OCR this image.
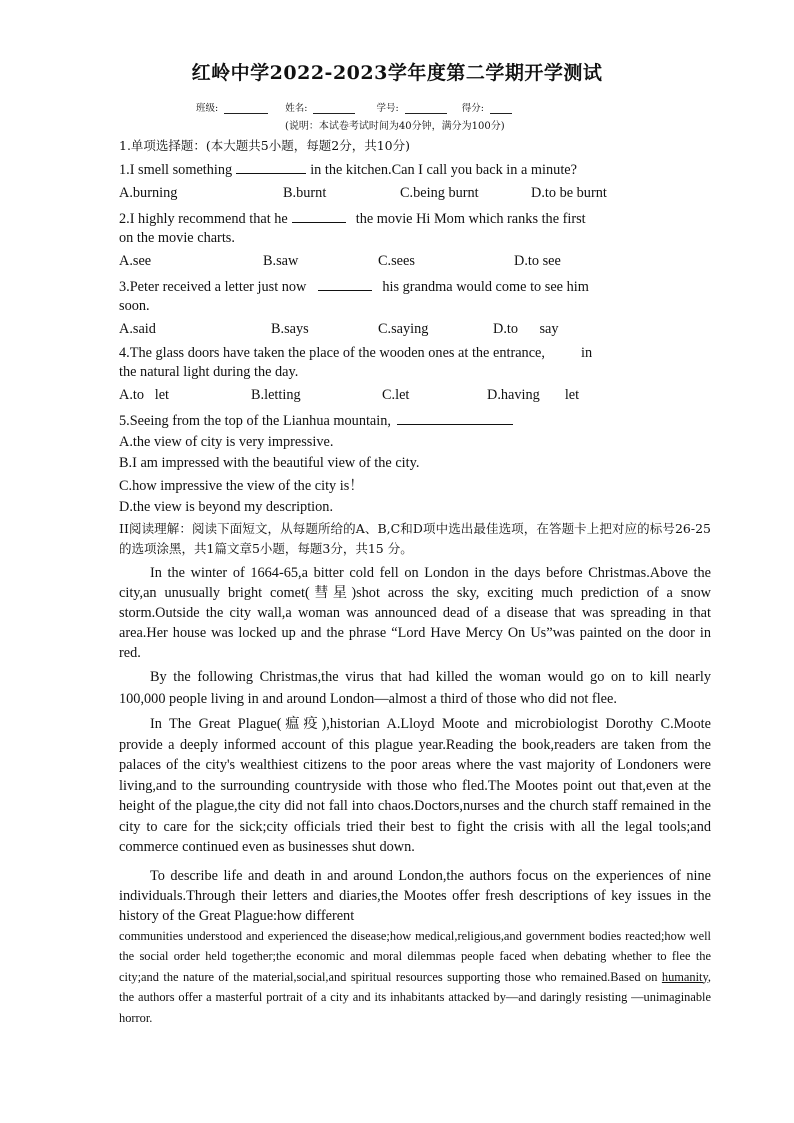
红岭中学2022-2023学年度第二学期开学测试
班级:	姓名:	学号:	得分:
(说明：本试卷考试时间为40分钟，满分为100分)
1.单项选择题：(本大题共5小题，每题2分，共10分)
1.I smell something	in the kitchen.Can I call you back in a minute?
A.burning	B.burnt	C.being burnt	D.to be burnt
2.I highly recommend that he	the movie Hi Mom which ranks the first
on the movie charts.
A.see	B.saw	C.sees	D.to see
3.Peter received a letter just now	his grandma would come to see him
soon.
A.said	B.says	C.saying	D.to      say
4.The glass doors have taken the place of the wooden ones at the entrance,	in
the natural light during the day.
A.to   let	B.letting	C.let	D.having       let
5.Seeing from the top of the Lianhua mountain,
A.the view of city is very impressive.
B.I am impressed with the beautiful view of the city.
C.how impressive the view of the city is！
D.the view is beyond my description.
II阅读理解：阅读下面短文，从每题所给的A、B,C和D项中选出最佳选项，在答题卡上把对应的标号26-25的选项涂黑，共1篇文章5小题，每题3分，共15 分。
In the winter of 1664-65,a bitter cold fell on London in the days before Christmas.Above the city,an unusually bright comet(彗星)shot across the sky, exciting much prediction of a snow storm.Outside the city wall,a woman was announced dead of a disease that was spreading in that area.Her house was locked up and the phrase “Lord Have Mercy On Us”was painted on the door in red.
By the following Christmas,the virus that had killed the woman would go on to kill nearly 100,000 people living in and around London—almost a third of those who did not flee.
In The Great Plague(瘟疫),historian A.Lloyd Moote and microbiologist Dorothy C.Moote provide a deeply informed account of this plague year.Reading the book,readers are taken from the palaces of the city's wealthiest citizens to the poor areas where the vast majority of Londoners were living,and to the surrounding countryside with those who fled.The Mootes point out that,even at the height of the plague,the city did not fall into chaos.Doctors,nurses and the church staff remained in the city to care for the sick;city officials tried their best to fight the crisis with all the legal tools;and commerce continued even as businesses shut down.
To describe life and death in and around London,the authors focus on the experiences of nine individuals.Through their letters and diaries,the Mootes offer fresh descriptions of key issues in the history of the Great Plague:how different
communities understood and experienced the disease;how medical,religious,and government bodies reacted;how well the social order held together;the economic and moral dilemmas people faced when debating whether to flee the city;and the nature of the material,social,and spiritual resources supporting those who remained.Based on humanity, the authors offer a masterful portrait of a city and its inhabitants attacked by—and daringly resisting —unimaginable horror.
